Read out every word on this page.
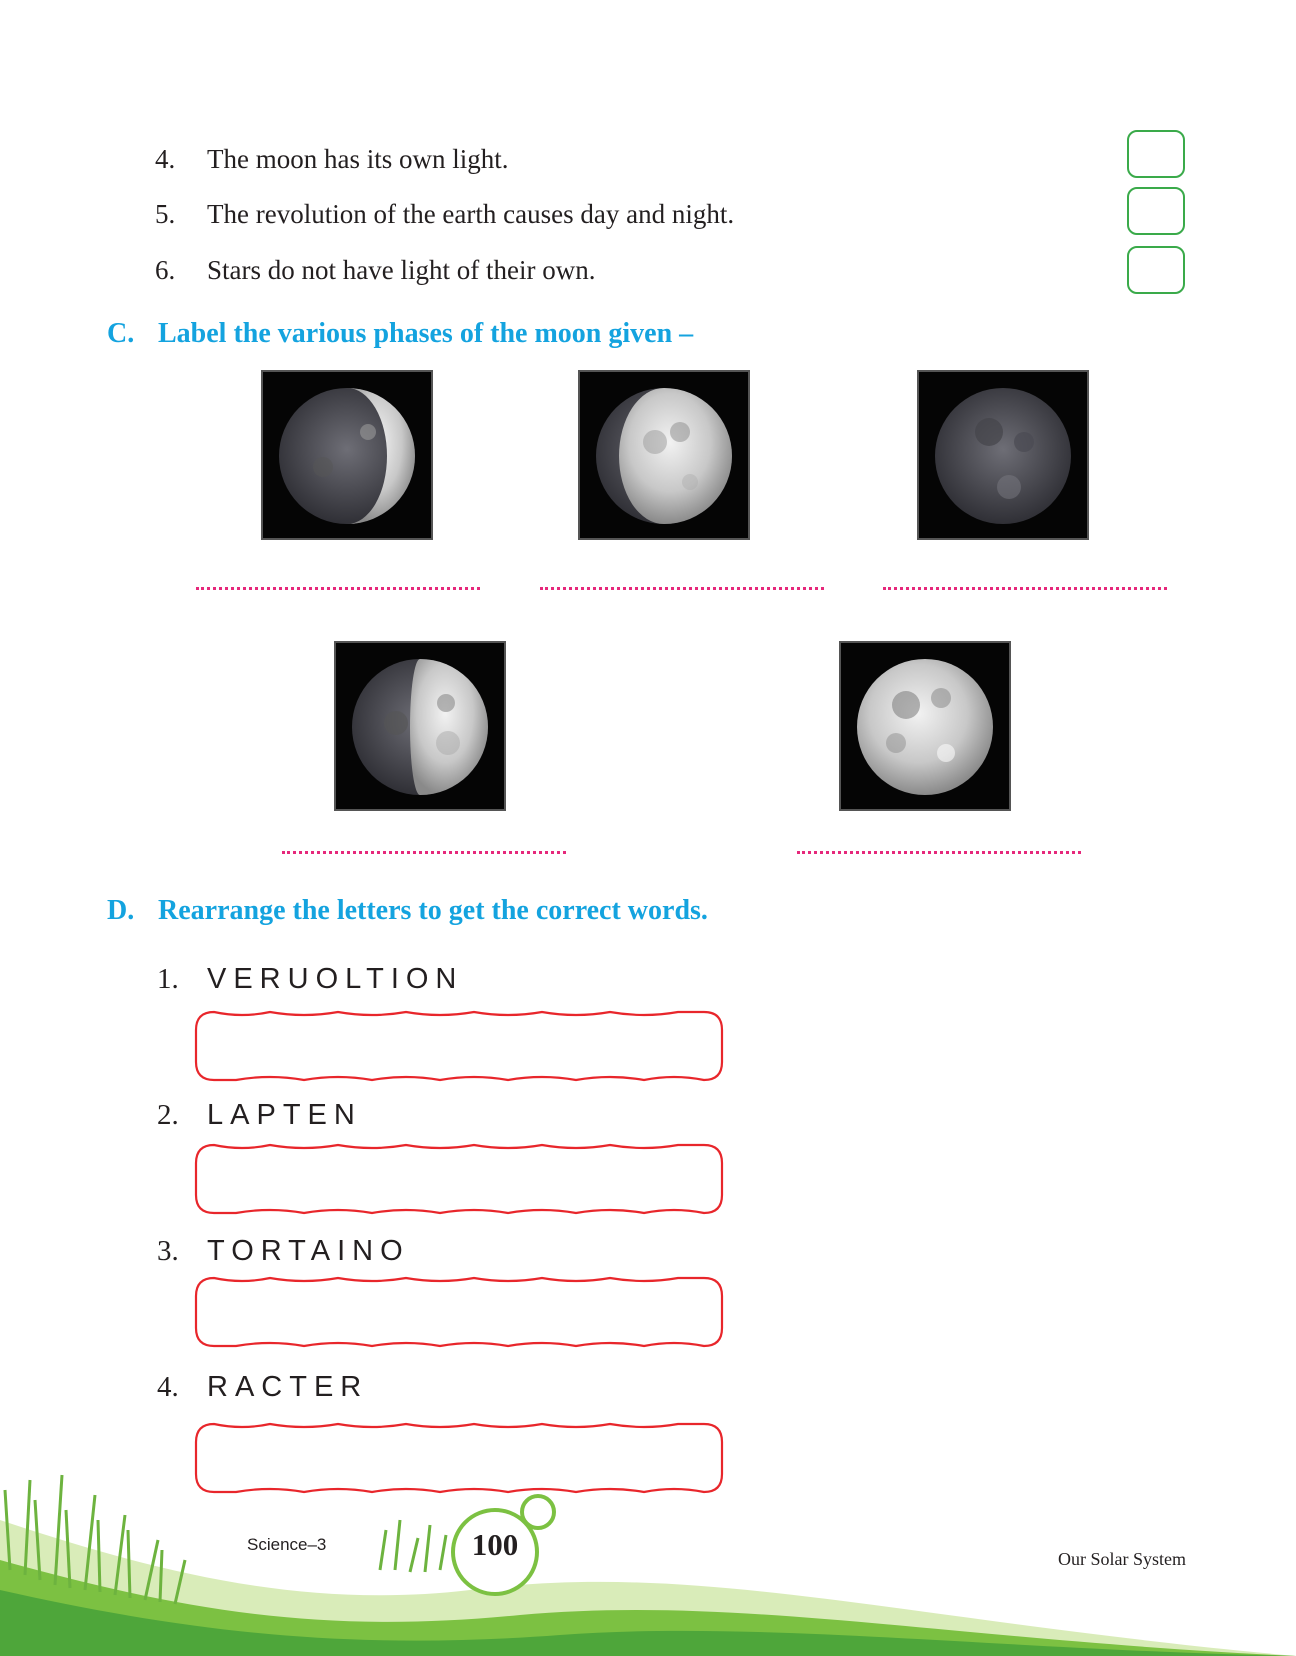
4. The moon has its own light.
5. The revolution of the earth causes day and night.
6. Stars do not have light of their own.
C. Label the various phases of the moon given –
D. Rearrange the letters to get the correct words.
1. VERUOLTION
2. LAPTEN
3. TORTAINO
4. RACTER
100
Science–3
Our Solar System
